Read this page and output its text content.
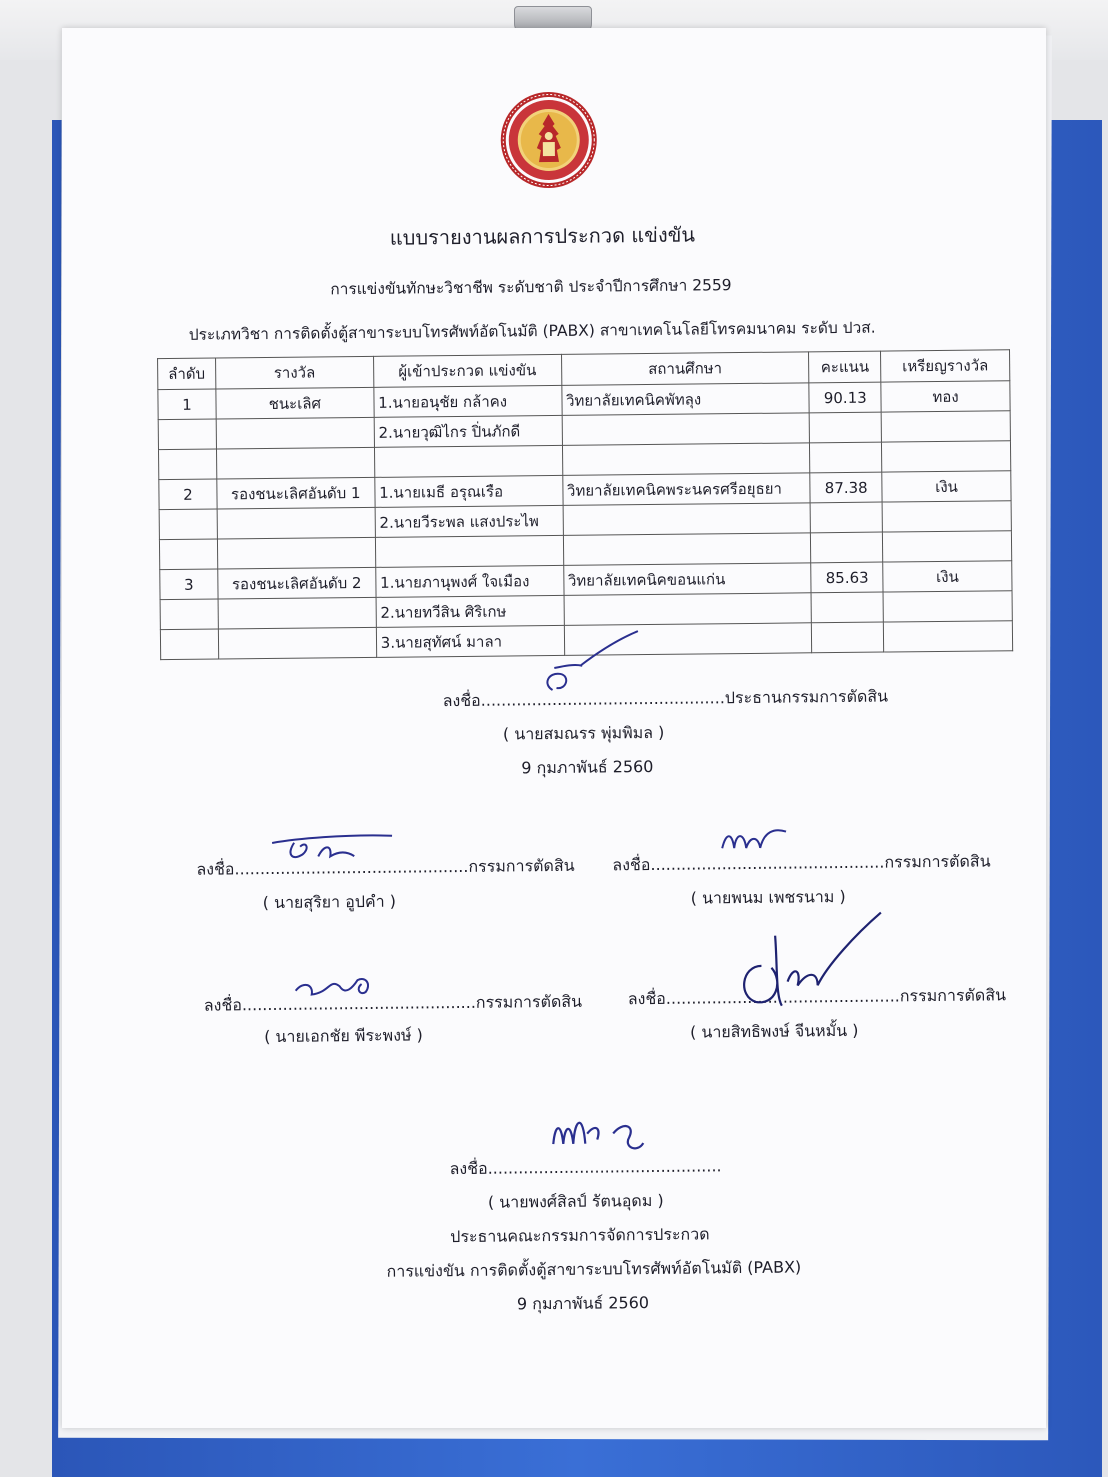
แบบรายงานผลการประกวด แข่งขัน
การแข่งขันทักษะวิชาชีพ ระดับชาติ ประจำปีการศึกษา 2559
ประเภทวิชา การติดตั้งตู้สาขาระบบโทรศัพท์อัตโนมัติ (PABX) สาขาเทคโนโลยีโทรคมนาคม ระดับ ปวส.
ลำดับ	รางวัล	ผู้เข้าประกวด แข่งขัน	สถานศึกษา	คะแนน	เหรียญรางวัล
1	ชนะเลิศ	1.นายอนุชัย กล้าคง	วิทยาลัยเทคนิคพัทลุง	90.13	ทอง
		2.นายวุฒิไกร ปิ่นภักดี			

2	รองชนะเลิศอันดับ 1	1.นายเมธี อรุณเรือ	วิทยาลัยเทคนิคพระนครศรีอยุธยา	87.38	เงิน
		2.นายวีระพล แสงประไพ			

3	รองชนะเลิศอันดับ 2	1.นายภานุพงศ์ ใจเมือง	วิทยาลัยเทคนิคขอนแก่น	85.63	เงิน
		2.นายทวีสิน ศิริเกษ			
		3.นายสุทัศน์ มาลา			
ลงชื่อ................................................ประธานกรรมการตัดสิน
( นายสมณรร พุ่มพิมล )
9 กุมภาพันธ์ 2560
ลงชื่อ..............................................กรรมการตัดสิน
( นายสุริยา อูปคำ )
ลงชื่อ..............................................กรรมการตัดสิน
( นายพนม เพชรนาม )
ลงชื่อ..............................................กรรมการตัดสิน
( นายเอกชัย พีระพงษ์ )
ลงชื่อ..............................................กรรมการตัดสิน
( นายสิทธิพงษ์ จีนหมั้น )
ลงชื่อ..............................................
( นายพงศ์สิลป์ รัตนอุดม )
ประธานคณะกรรมการจัดการประกวด
การแข่งขัน การติดตั้งตู้สาขาระบบโทรศัพท์อัตโนมัติ (PABX)
9 กุมภาพันธ์ 2560
